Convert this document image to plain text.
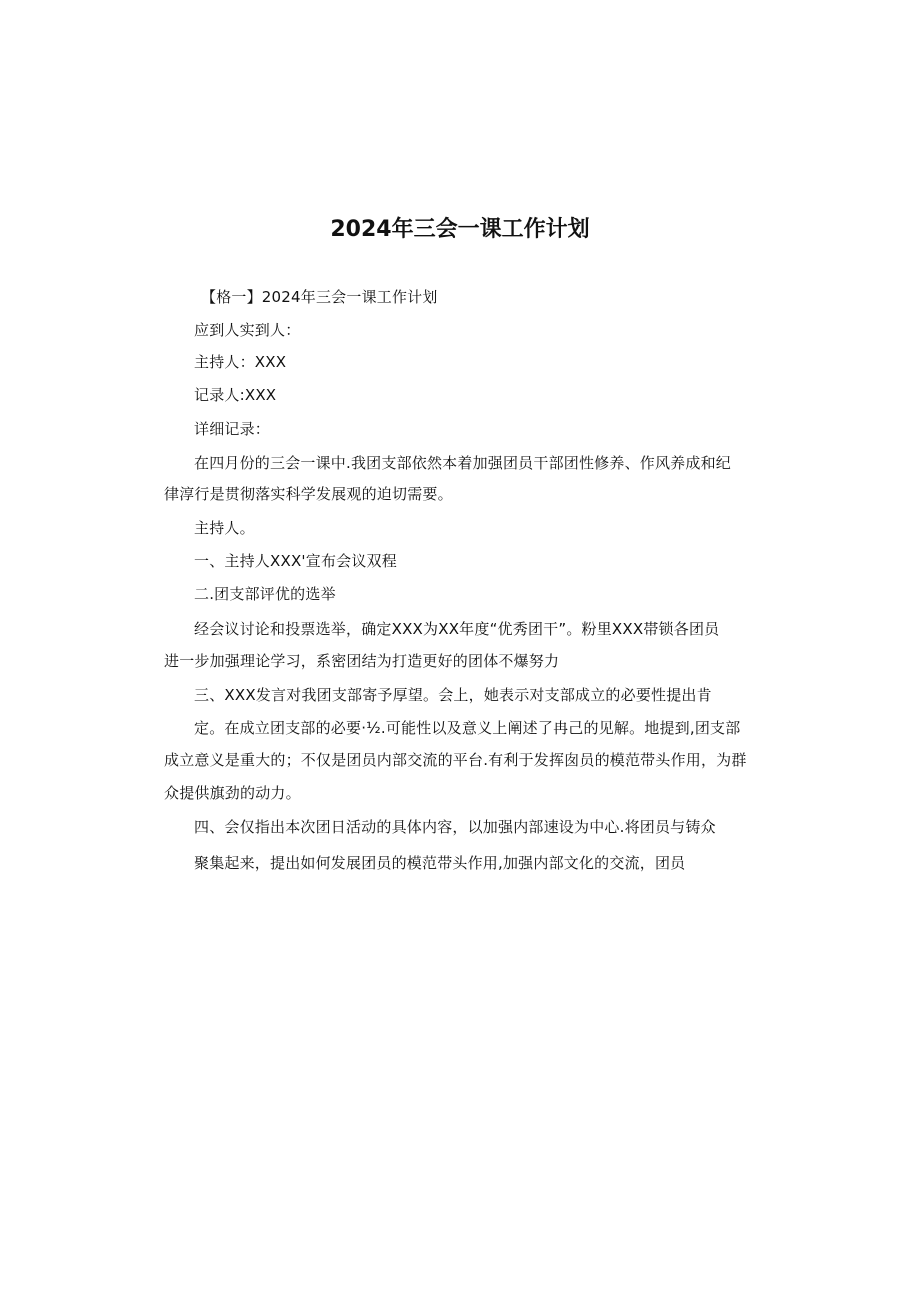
2024年三会一课工作计划
【格一】2024年三会一课工作计划
应到人实到人：
主持人：XXX
记录人:XXX
详细记录：
在四月份的三会一课中.我团支部依然本着加强团员干部团性修养、作风养成和纪
律淳行是贯彻落实科学发展观的迫切需要。
主持人。
一、主持人XXX'宣布会议双程
二.团支部评优的选举
经会议讨论和投票选举，确定XXX为XX年度“优秀团干”。粉里XXX帯锁各团员
进一步加强理论学习，系密团结为打造更好的团体不爆努力
三、XXX发言对我团支部寄予厚望。会上，她表示对支部成立的必要性提出肯
定。在成立团支部的必要·½.可能性以及意义上阐述了冉己的见解。地提到,团支部
成立意义是重大的；不仅是团员内部交流的平台.有利于发挥囱员的模范带头作用，为群
众提供旗劲的动力。
四、会仅指出本次团日活动的具体内容，以加强内部速设为中心.将团员与铸众
聚集起来，提出如何发展团员的模范带头作用,加强内部文化的交流，团员
